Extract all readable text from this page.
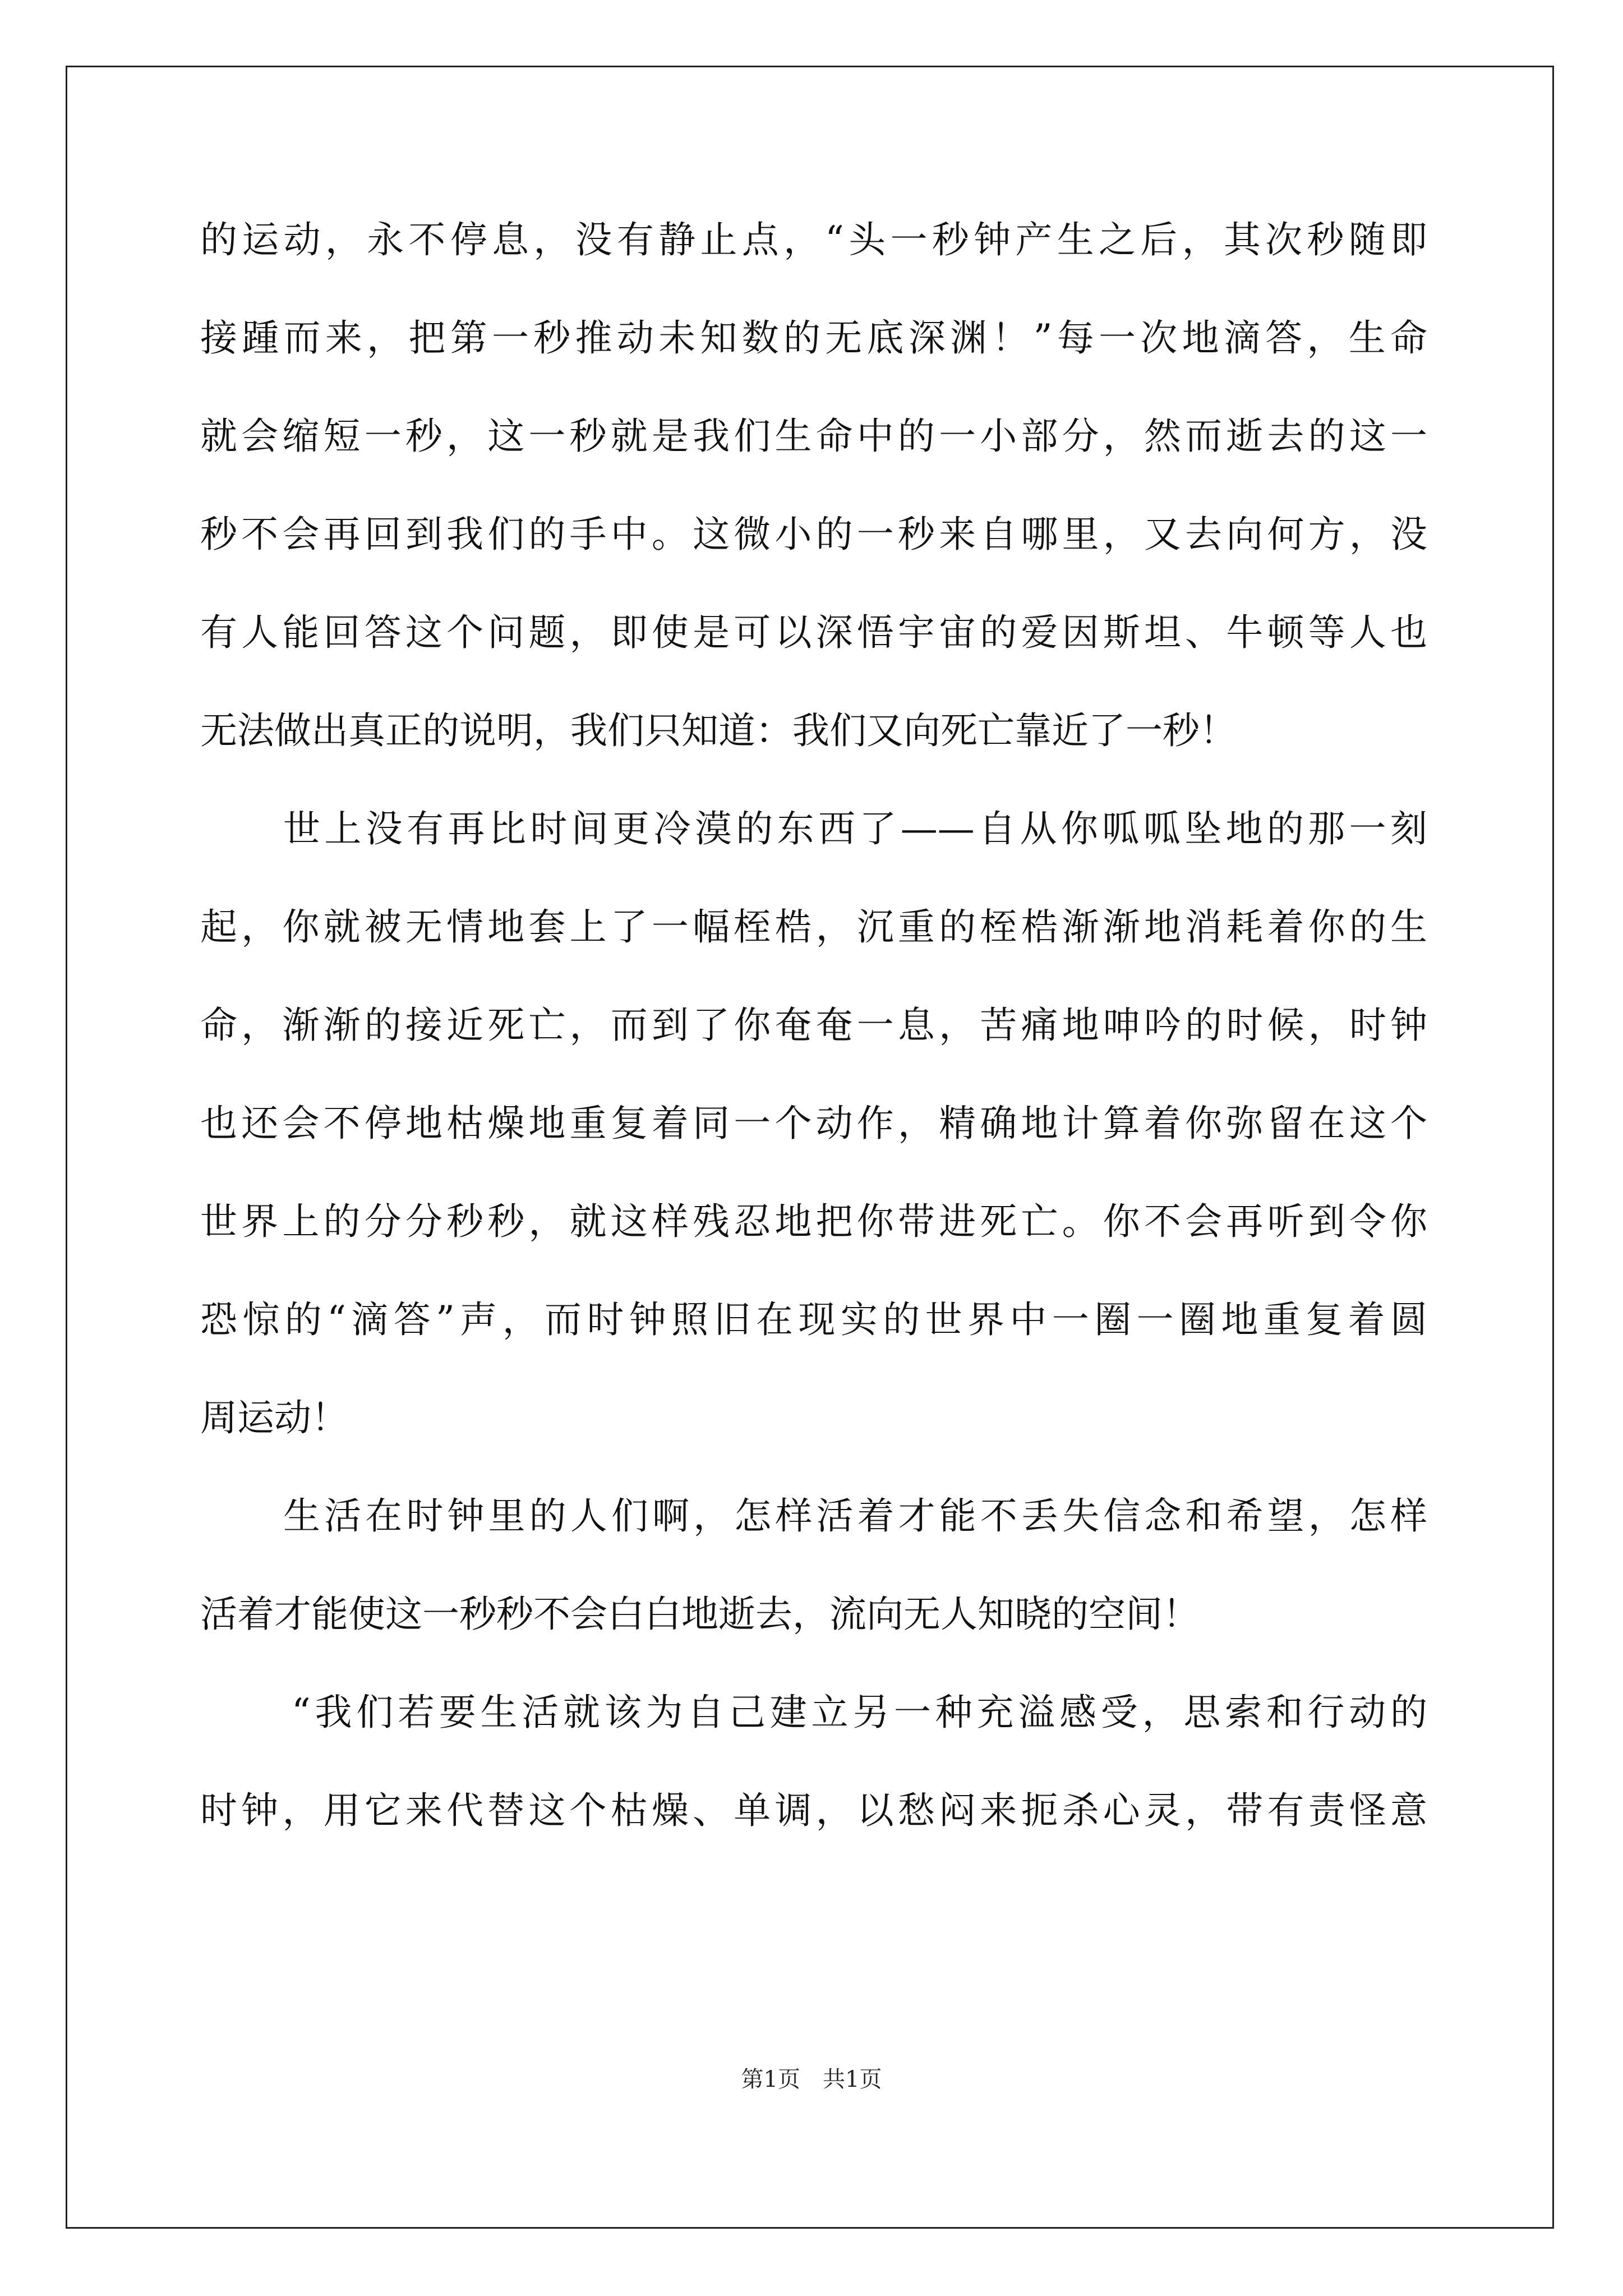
的运动，永不停息，没有静止点，“头一秒钟产生之后，其次秒随即
接踵而来，把第一秒推动未知数的无底深渊！”每一次地滴答，生命
就会缩短一秒，这一秒就是我们生命中的一小部分，然而逝去的这一
秒不会再回到我们的手中。这微小的一秒来自哪里，又去向何方，没
有人能回答这个问题，即使是可以深悟宇宙的爱因斯坦、牛顿等人也
无法做出真正的说明，我们只知道：我们又向死亡靠近了一秒！
世上没有再比时间更冷漠的东西了——自从你呱呱坠地的那一刻
起，你就被无情地套上了一幅桎梏，沉重的桎梏渐渐地消耗着你的生
命，渐渐的接近死亡，而到了你奄奄一息，苦痛地呻吟的时候，时钟
也还会不停地枯燥地重复着同一个动作，精确地计算着你弥留在这个
世界上的分分秒秒，就这样残忍地把你带进死亡。你不会再听到令你
恐惊的“滴答”声，而时钟照旧在现实的世界中一圈一圈地重复着圆
周运动！
生活在时钟里的人们啊，怎样活着才能不丢失信念和希望，怎样
活着才能使这一秒秒不会白白地逝去，流向无人知晓的空间！
“我们若要生活就该为自己建立另一种充溢感受，思索和行动的
时钟，用它来代替这个枯燥、单调，以愁闷来扼杀心灵，带有责怪意
第1页　共1页
